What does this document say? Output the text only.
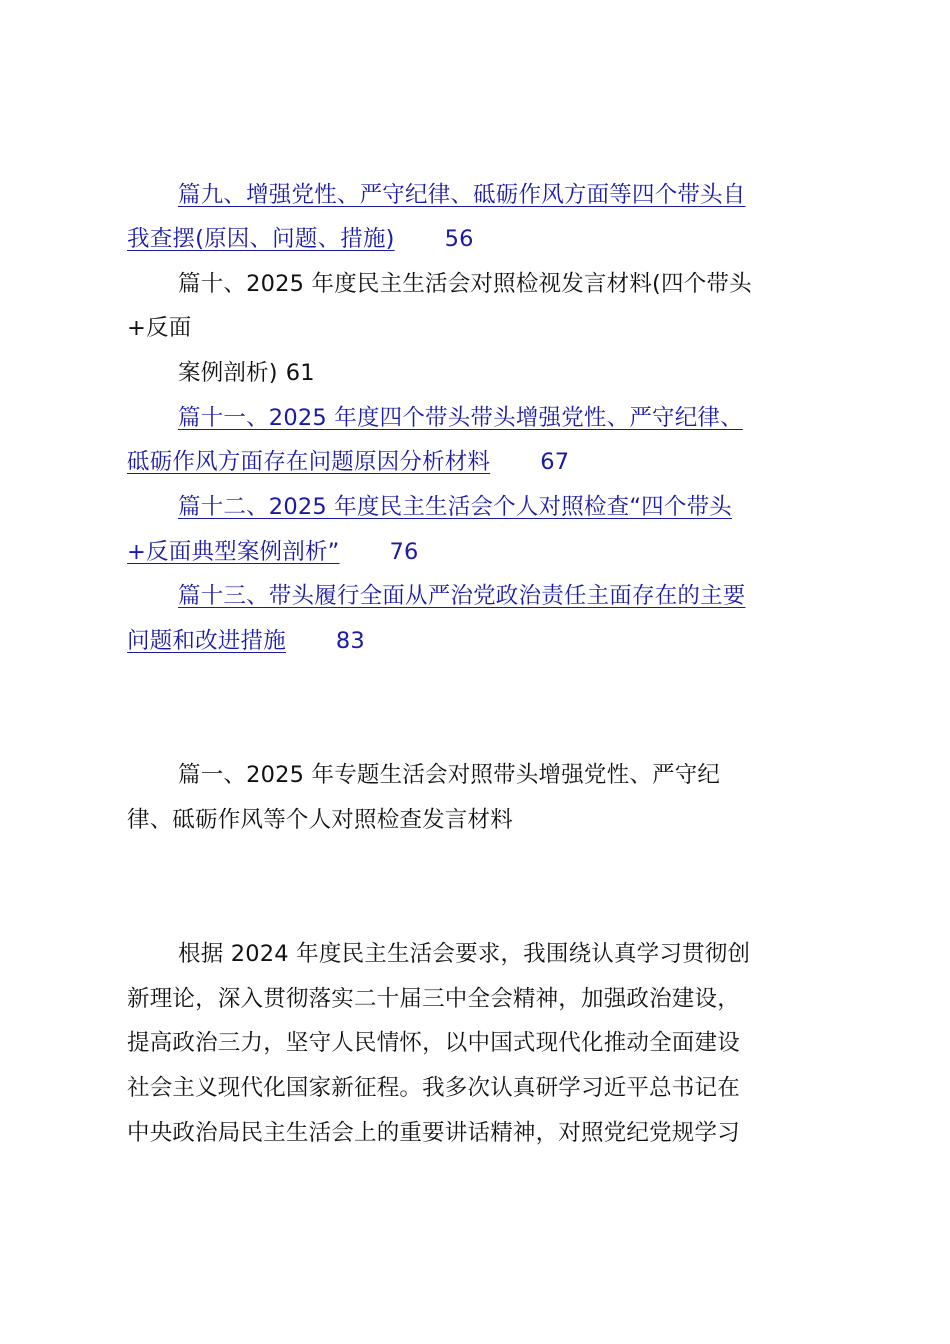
篇九、增强党性、严守纪律、砥砺作风方面等四个带头自
我查摆(原因、问题、措施) 56
篇十、2025 年度民主生活会对照检视发言材料(四个带头
+反面
案例剖析) 61
篇十一、2025 年度四个带头带头增强党性、严守纪律、
砥砺作风方面存在问题原因分析材料 67
篇十二、2025 年度民主生活会个人对照检查“四个带头
+反面典型案例剖析” 76
篇十三、带头履行全面从严治党政治责任主面存在的主要
问题和改进措施 83
篇一、2025 年专题生活会对照带头增强党性、严守纪
律、砥砺作风等个人对照检查发言材料
根据 2024 年度民主生活会要求，我围绕认真学习贯彻创
新理论，深入贯彻落实二十届三中全会精神，加强政治建设，
提高政治三力，坚守人民情怀，以中国式现代化推动全面建设
社会主义现代化国家新征程。我多次认真研学习近平总书记在
中央政治局民主生活会上的重要讲话精神，对照党纪党规学习
